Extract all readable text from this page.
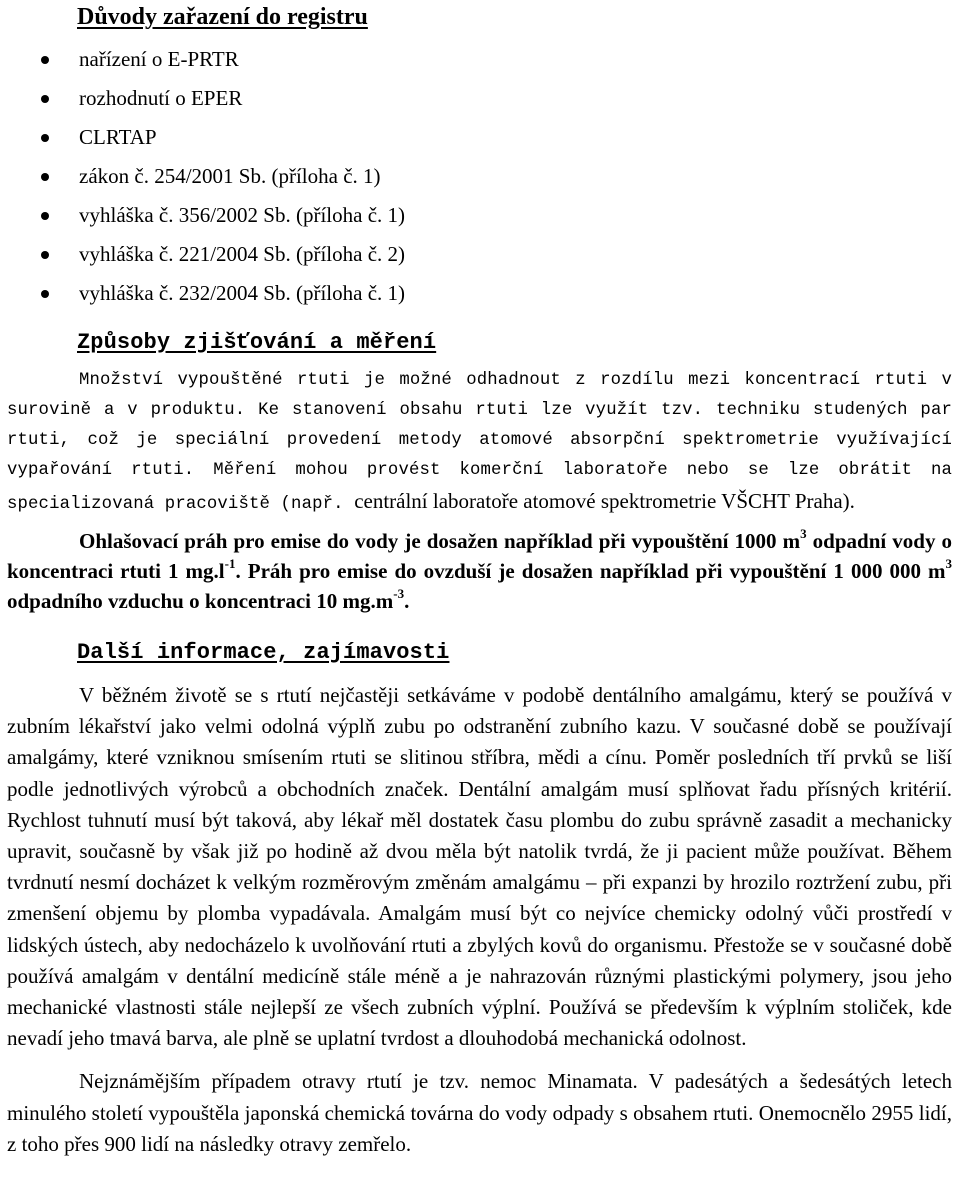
Důvody zařazení do registru
nařízení o E-PRTR
rozhodnutí o EPER
CLRTAP
zákon č. 254/2001 Sb. (příloha č. 1)
vyhláška č. 356/2002 Sb. (příloha č. 1)
vyhláška č. 221/2004 Sb. (příloha č. 2)
vyhláška č. 232/2004 Sb. (příloha č. 1)
Způsoby zjišťování a měření

Množství vypouštěné rtuti je možné odhadnout z rozdílu mezi koncentrací rtuti v surovině a v produktu. Ke stanovení obsahu rtuti lze využít tzv. techniku studených par rtuti, což je speciální provedení metody atomové absorpční spektrometrie využívající vypařování rtuti. Měření mohou provést komerční laboratoře nebo se lze obrátit na specializovaná pracoviště (např. centrální laboratoře atomové spektrometrie VŠCHT Praha).

Ohlašovací práh pro emise do vody je dosažen například při vypouštění 1000 $m^3$ odpadní vody o koncentraci rtuti 1 $mg.l^{-1}$. Práh pro emise do ovzduší je dosažen například při vypouštění 1 000 000 $m^3$ odpadního vzduchu o koncentraci 10 $mg.m^{-3}$.

Další informace, zajímavosti

V běžném životě se s rtutí nejčastěji setkáváme v podobě dentálního amalgámu, který se používá v zubním lékařství jako velmi odolná výplň zubu po odstranění zubního kazu. V současné době se používají amalgámy, které vzniknou smísením rtuti se slitinou stříbra, mědi a cínu. Poměr posledních tří prvků se liší podle jednotlivých výrobců a obchodních značek. Dentální amalgám musí splňovat řadu přísných kritérií. Rychlost tuhnutí musí být taková, aby lékař měl dostatek času plombu do zubu správně zasadit a mechanicky upravit, současně by však již po hodině až dvou měla být natolik tvrdá, že ji pacient může používat. Během tvrdnutí nesmí docházet k velkým rozměrovým změnám amalgámu – při expanzi by hrozilo roztržení zubu, při zmenšení objemu by plomba vypadávala. Amalgám musí být co nejvíce chemicky odolný vůči prostředí v lidských ústech, aby nedocházelo k uvolňování rtuti a zbylých kovů do organismu. Přestože se v současné době používá amalgám v dentální medicíně stále méně a je nahrazován různými plastickými polymery, jsou jeho mechanické vlastnosti stále nejlepší ze všech zubních výplní. Používá se především k výplním stoliček, kde nevadí jeho tmavá barva, ale plně se uplatní tvrdost a dlouhodobá mechanická odolnost.

Nejznámějším případem otravy rtutí je tzv. nemoc Minamata. V padesátých a šedesátých letech minulého století vypouštěla japonská chemická továrna do vody odpady s obsahem rtuti. Onemocnělo 2955 lidí, z toho přes 900 lidí na následky otravy zemřelo.
